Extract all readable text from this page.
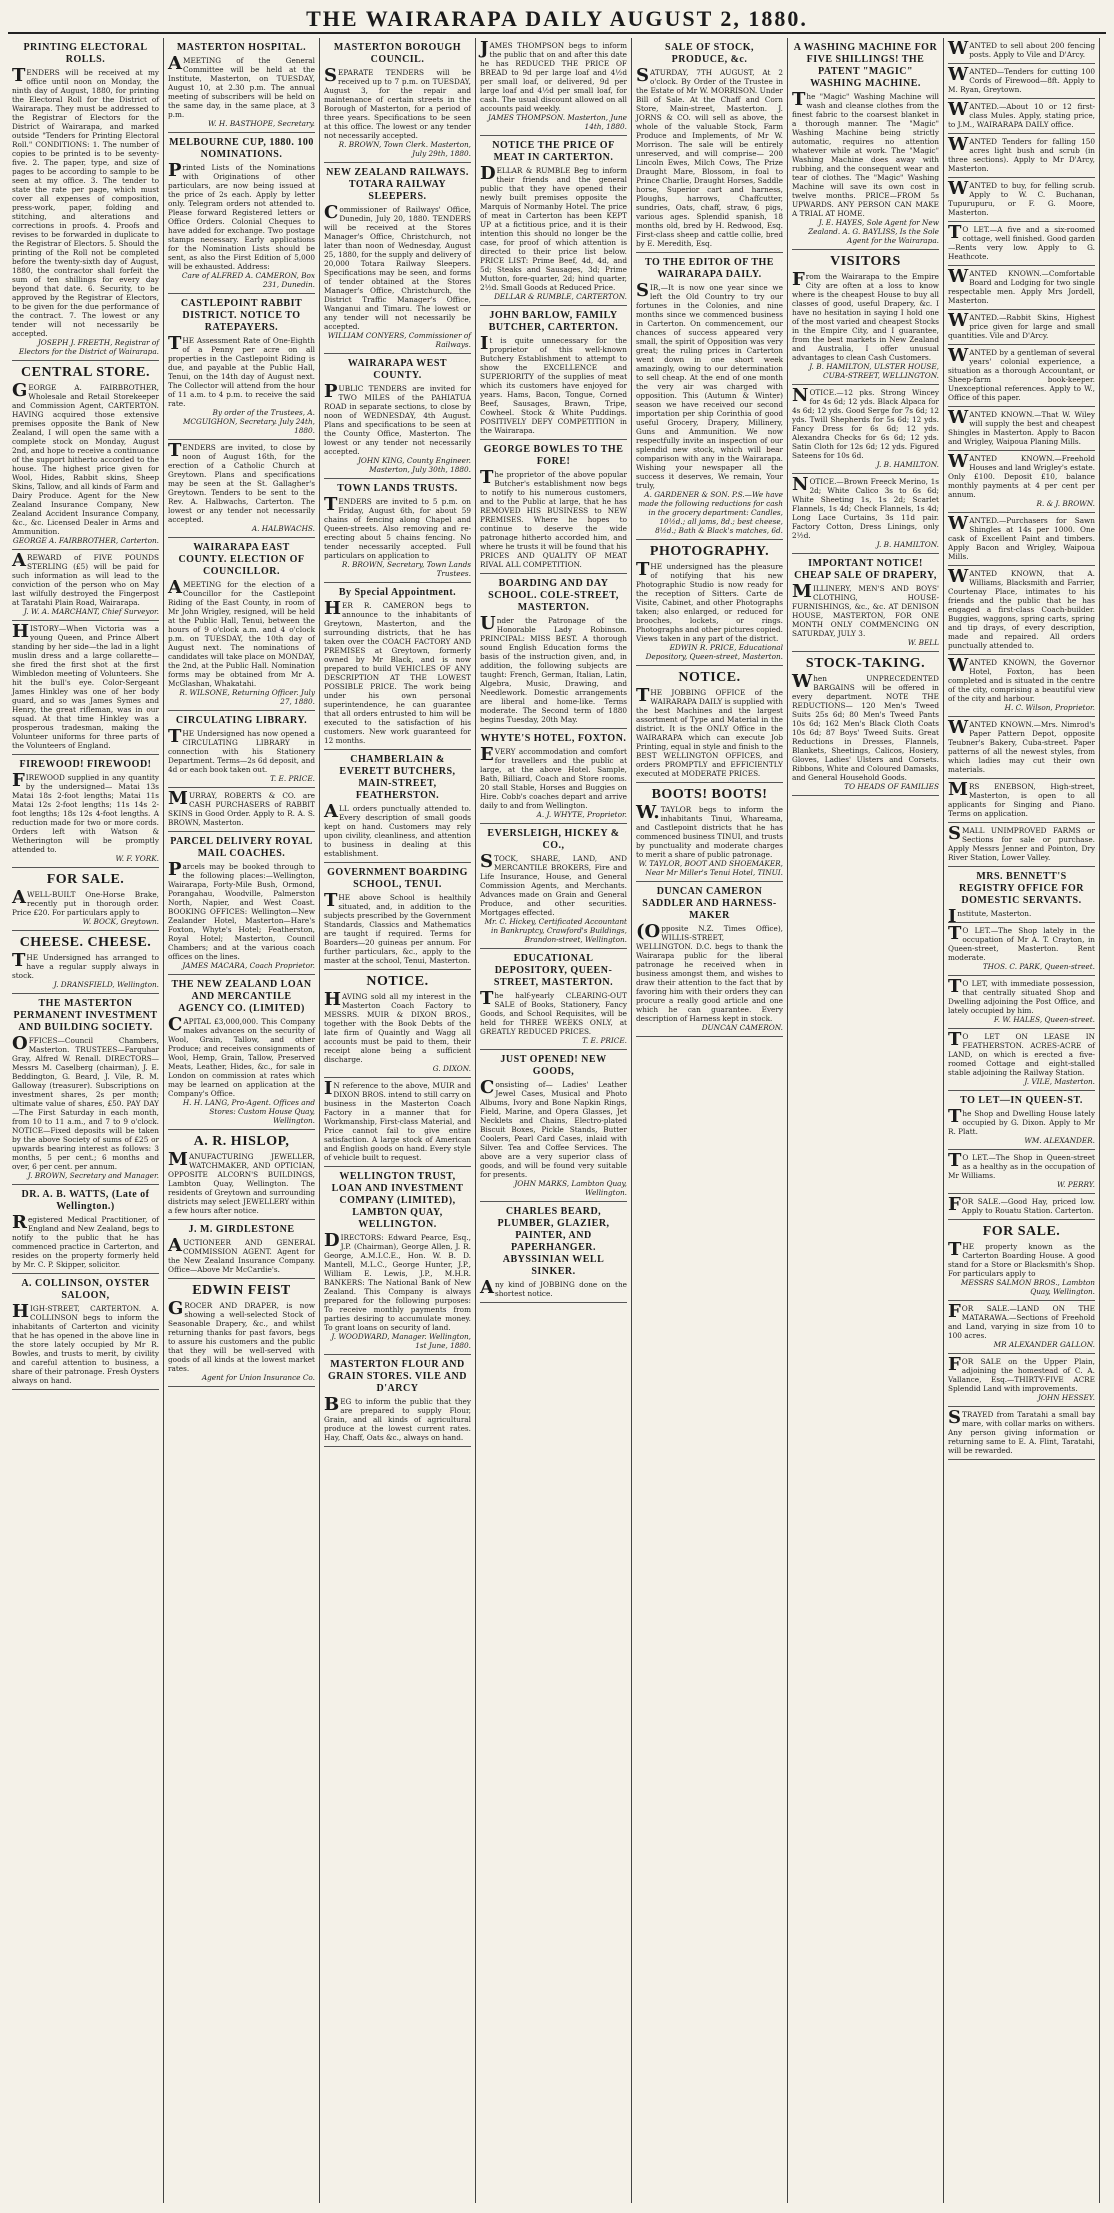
THE WAIRARAPA DAILY AUGUST 2, 1880.
PRINTING ELECTORAL ROLLS.

TENDERS will be received at my office until noon on Monday, the ninth day of August, 1880, for printing the Electoral Roll for the District of Wairarapa. They must be addressed to the Registrar of Electors for the District of Wairarapa, and marked outside "Tenders for Printing Electoral Roll." CONDITIONS: 1. The number of copies to be printed is to be seventy-five. 2. The paper, type, and size of pages to be according to sample to be seen at my office. 3. The tender to state the rate per page, which must cover all expenses of composition, press-work, paper, folding and stitching, and alterations and corrections in proofs. 4. Proofs and revises to be forwarded in duplicate to the Registrar of Electors. 5. Should the printing of the Roll not be completed before the twenty-sixth day of August, 1880, the contractor shall forfeit the sum of ten shillings for every day beyond that date. 6. Security, to be approved by the Registrar of Electors, to be given for the due performance of the contract. 7. The lowest or any tender will not necessarily be accepted.

JOSEPH J. FREETH, Registrar of Electors for the District of Wairarapa.

CENTRAL STORE.

GEORGE A. FAIRBROTHER, Wholesale and Retail Storekeeper and Commission Agent, CARTERTON. HAVING acquired those extensive premises opposite the Bank of New Zealand, I will open the same with a complete stock on Monday, August 2nd, and hope to receive a continuance of the support hitherto accorded to the house. The highest price given for Wool, Hides, Rabbit skins, Sheep Skins, Tallow, and all kinds of Farm and Dairy Produce. Agent for the New Zealand Insurance Company, New Zealand Accident Insurance Company, &c., &c. Licensed Dealer in Arms and Ammunition.

GEORGE A. FAIRBROTHER, Carterton.

AREWARD of FIVE POUNDS STERLING (£5) will be paid for such information as will lead to the conviction of the person who on May last wilfully destroyed the Fingerpost at Taratahi Plain Road, Wairarapa.

J. W. A. MARCHANT, Chief Surveyor.

HISTORY—When Victoria was a young Queen, and Prince Albert standing by her side—the lad in a light muslin dress and a large collarette—she fired the first shot at the first Wimbledon meeting of Volunteers. She hit the bull's eye. Color-Sergeant James Hinkley was one of her body guard, and so was James Symes and Henry, the great rifleman, was in our squad. At that time Hinkley was a prosperous tradesman, making the Volunteer uniforms for three parts of the Volunteers of England.

FIREWOOD! FIREWOOD!

FIREWOOD supplied in any quantity by the undersigned— Matai 13s Matai 18s 2-foot lengths; Matai 11s Matai 12s 2-foot lengths; 11s 14s 2-foot lengths; 18s 12s 4-foot lengths. A reduction made for two or more cords. Orders left with Watson & Wetherington will be promptly attended to.

W. F. YORK.

FOR SALE.

AWELL-BUILT One-Horse Brake, recently put in thorough order. Price £20. For particulars apply to

W. BOCK, Greytown.

CHEESE. CHEESE.

THE Undersigned has arranged to have a regular supply always in stock.

J. DRANSFIELD, Wellington.

THE MASTERTON PERMANENT INVESTMENT AND BUILDING SOCIETY.

OFFICES—Council Chambers, Masterton. TRUSTEES—Farquhar Gray, Alfred W. Renall. DIRECTORS—Messrs M. Caselberg (chairman), J. E. Beddington, G. Beard, J. Vile, R. M. Galloway (treasurer). Subscriptions on investment shares, 2s per month; ultimate value of shares, £50. PAY DAY—The First Saturday in each month, from 10 to 11 a.m., and 7 to 9 o'clock. NOTICE—Fixed deposits will be taken by the above Society of sums of £25 or upwards bearing interest as follows: 3 months, 5 per cent.; 6 months and over, 6 per cent. per annum.

J. BROWN, Secretary and Manager.

DR. A. B. WATTS, (Late of Wellington.)

Registered Medical Practitioner, of England and New Zealand, begs to notify to the public that he has commenced practice in Carterton, and resides on the property formerly held by Mr. C. P. Skipper, solicitor.

A. COLLINSON, OYSTER SALOON,

HIGH-STREET, CARTERTON. A. COLLINSON begs to inform the inhabitants of Carterton and vicinity that he has opened in the above line in the store lately occupied by Mr R. Bowles, and trusts to merit, by civility and careful attention to business, a share of their patronage. Fresh Oysters always on hand.

MASTERTON HOSPITAL.

AMEETING of the General Committee will be held at the Institute, Masterton, on TUESDAY, August 10, at 2.30 p.m. The annual meeting of subscribers will be held on the same day, in the same place, at 3 p.m.

W. H. BASTHOPE, Secretary.

MELBOURNE CUP, 1880. 100 NOMINATIONS.

Printed Lists of the Nominations with Originations of other particulars, are now being issued at the price of 2s each. Apply by letter only. Telegram orders not attended to. Please forward Registered letters or Office Orders. Colonial Cheques to have added for exchange. Two postage stamps necessary. Early applications for the Nomination Lists should be sent, as also the First Edition of 5,000 will be exhausted. Address:

Care of ALFRED A. CAMERON, Box 231, Dunedin.

CASTLEPOINT RABBIT DISTRICT. NOTICE TO RATEPAYERS.

THE Assessment Rate of One-Eighth of a Penny per acre on all properties in the Castlepoint Riding is due, and payable at the Public Hall, Tenui, on the 14th day of August next. The Collector will attend from the hour of 11 a.m. to 4 p.m. to receive the said rate.

By order of the Trustees, A. MCGUIGHON, Secretary. July 24th, 1880.

TENDERS are invited, to close by noon of August 16th, for the erection of a Catholic Church at Greytown. Plans and specifications may be seen at the St. Gallagher's Greytown. Tenders to be sent to the Rev. A. Halbwachs, Carterton. The lowest or any tender not necessarily accepted.

A. HALBWACHS.

WAIRARAPA EAST COUNTY. ELECTION OF COUNCILLOR.

AMEETING for the election of a Councillor for the Castlepoint Riding of the East County, in room of Mr John Wrigley, resigned, will be held at the Public Hall, Tenui, between the hours of 9 o'clock a.m. and 4 o'clock p.m. on TUESDAY, the 10th day of August next. The nominations of candidates will take place on MONDAY, the 2nd, at the Public Hall. Nomination forms may be obtained from Mr A. McGlashan, Whakatahi.

R. WILSONE, Returning Officer. July 27, 1880.

CIRCULATING LIBRARY.

THE Undersigned has now opened a CIRCULATING LIBRARY in connection with his Stationery Department. Terms—2s 6d deposit, and 4d or each book taken out.

T. E. PRICE.

MURRAY, ROBERTS & CO. are CASH PURCHASERS of RABBIT SKINS in Good Order. Apply to R. A. S. BROWN, Masterton.

PARCEL DELIVERY ROYAL MAIL COACHES.

Parcels may be booked through to the following places:—Wellington, Wairarapa, Forty-Mile Bush, Ormond, Porangahau, Woodville, Palmerston North, Napier, and West Coast. BOOKING OFFICES: Wellington—New Zealander Hotel, Masterton—Hare's Foxton, Whyte's Hotel; Featherston, Royal Hotel; Masterton, Council Chambers; and at the various coach offices on the lines.

JAMES MACARA, Coach Proprietor.

THE NEW ZEALAND LOAN AND MERCANTILE AGENCY CO. (LIMITED)

CAPITAL £3,000,000. This Company makes advances on the security of Wool, Grain, Tallow, and other Produce; and receives consignments of Wool, Hemp, Grain, Tallow, Preserved Meats, Leather, Hides, &c., for sale in London on commission at rates which may be learned on application at the Company's Office.

H. H. LANG, Pro-Agent. Offices and Stores: Custom House Quay, Wellington.

A. R. HISLOP,

MANUFACTURING JEWELLER, WATCHMAKER, AND OPTICIAN, OPPOSITE ALCORN'S BUILDINGS, Lambton Quay, Wellington. The residents of Greytown and surrounding districts may select JEWELLERY within a few hours after notice.

J. M. GIRDLESTONE

AUCTIONEER AND GENERAL COMMISSION AGENT. Agent for the New Zealand Insurance Company. Office—Above Mr McCardie's.

EDWIN FEIST

GROCER AND DRAPER, is now showing a well-selected Stock of Seasonable Drapery, &c., and whilst returning thanks for past favors, begs to assure his customers and the public that they will be well-served with goods of all kinds at the lowest market rates.

Agent for Union Insurance Co.

MASTERTON BOROUGH COUNCIL.

SEPARATE TENDERS will be received up to 7 p.m. on TUESDAY, August 3, for the repair and maintenance of certain streets in the Borough of Masterton, for a period of three years. Specifications to be seen at this office. The lowest or any tender not necessarily accepted.

R. BROWN, Town Clerk. Masterton, July 29th, 1880.

NEW ZEALAND RAILWAYS. TOTARA RAILWAY SLEEPERS.

Commissioner of Railways' Office, Dunedin, July 20, 1880. TENDERS will be received at the Stores Manager's Office, Christchurch, not later than noon of Wednesday, August 25, 1880, for the supply and delivery of 20,000 Totara Railway Sleepers. Specifications may be seen, and forms of tender obtained at the Stores Manager's Office, Christchurch, the District Traffic Manager's Office, Wanganui and Timaru. The lowest or any tender will not necessarily be accepted.

WILLIAM CONYERS, Commissioner of Railways.

WAIRARAPA WEST COUNTY.

PUBLIC TENDERS are invited for TWO MILES of the PAHIATUA ROAD in separate sections, to close by noon of WEDNESDAY, 4th August. Plans and specifications to be seen at the County Office, Masterton. The lowest or any tender not necessarily accepted.

JOHN KING, County Engineer. Masterton, July 30th, 1880.

TOWN LANDS TRUSTS.

TENDERS are invited to 5 p.m. on Friday, August 6th, for about 59 chains of fencing along Chapel and Queen-streets. Also removing and re-erecting about 5 chains fencing. No tender necessarily accepted. Full particulars on application to

R. BROWN, Secretary, Town Lands Trustees.

By Special Appointment.

HER R. CAMERON begs to announce to the inhabitants of Greytown, Masterton, and the surrounding districts, that he has taken over the COACH FACTORY AND PREMISES at Greytown, formerly owned by Mr Black, and is now prepared to build VEHICLES OF ANY DESCRIPTION AT THE LOWEST POSSIBLE PRICE. The work being under his own personal superintendence, he can guarantee that all orders entrusted to him will be executed to the satisfaction of his customers. New work guaranteed for 12 months.

CHAMBERLAIN & EVERETT BUTCHERS, MAIN-STREET, FEATHERSTON.

ALL orders punctually attended to. Every description of small goods kept on hand. Customers may rely upon civility, cleanliness, and attention to business in dealing at this establishment.

GOVERNMENT BOARDING SCHOOL, TENUI.

THE above School is healthily situated, and, in addition to the subjects prescribed by the Government Standards, Classics and Mathematics are taught if required. Terms for Boarders—20 guineas per annum. For further particulars, &c., apply to the master at the school, Tenui, Masterton.

NOTICE.

HAVING sold all my interest in the Masterton Coach Factory to MESSRS. MUIR & DIXON BROS., together with the Book Debts of the late firm of Quaintly and Wagg all accounts must be paid to them, their receipt alone being a sufficient discharge.

G. DIXON.

IN reference to the above, MUIR and DIXON BROS. intend to still carry on business in the Masterton Coach Factory in a manner that for Workmanship, First-class Material, and Price cannot fail to give entire satisfaction. A large stock of American and English goods on hand. Every style of vehicle built to request.

WELLINGTON TRUST, LOAN AND INVESTMENT COMPANY (LIMITED), LAMBTON QUAY, WELLINGTON.

DIRECTORS: Edward Pearce, Esq., J.P. (Chairman), George Allen, J. R. George, A.M.I.C.E., Hon. W. B. D. Mantell, M.L.C., George Hunter, J.P., William E. Lewis, J.P., M.H.R. BANKERS: The National Bank of New Zealand. This Company is always prepared for the following purposes: To receive monthly payments from parties desiring to accumulate money. To grant loans on security of land.

J. WOODWARD, Manager. Wellington, 1st June, 1880.

MASTERTON FLOUR AND GRAIN STORES. VILE AND D'ARCY

BEG to inform the public that they are prepared to supply Flour, Grain, and all kinds of agricultural produce at the lowest current rates. Hay, Chaff, Oats &c., always on hand.

JAMES THOMPSON begs to inform the public that on and after this date he has REDUCED THE PRICE OF BREAD to 9d per large loaf and 4½d per small loaf, or delivered, 9d per large loaf and 4½d per small loaf, for cash. The usual discount allowed on all accounts paid weekly.

JAMES THOMPSON. Masterton, June 14th, 1880.

NOTICE THE PRICE OF MEAT IN CARTERTON.

DELLAR & RUMBLE Beg to inform their friends and the general public that they have opened their newly built premises opposite the Marquis of Normanby Hotel. The price of meat in Carterton has been KEPT UP at a fictitious price, and it is their intention this should no longer be the case, for proof of which attention is directed to their price list below. PRICE LIST: Prime Beef, 4d, 4d, and 5d; Steaks and Sausages, 3d; Prime Mutton, fore-quarter, 2d; hind quarter, 2½d. Small Goods at Reduced Price.

DELLAR & RUMBLE, CARTERTON.

JOHN BARLOW, FAMILY BUTCHER, CARTERTON.

It is quite unnecessary for the proprietor of this well-known Butchery Establishment to attempt to show the EXCELLENCE and SUPERIORITY of the supplies of meat which its customers have enjoyed for years. Hams, Bacon, Tongue, Corned Beef, Sausages, Brawn, Tripe, Cowheel. Stock & White Puddings. POSITIVELY DEFY COMPETITION in the Wairarapa.

GEORGE BOWLES TO THE FORE!

The proprietor of the above popular Butcher's establishment now begs to notify to his numerous customers, and to the Public at large, that he has REMOVED HIS BUSINESS to NEW PREMISES. Where he hopes to continue to deserve the wide patronage hitherto accorded him, and where he trusts it will be found that his PRICES AND QUALITY OF MEAT RIVAL ALL COMPETITION.

BOARDING AND DAY SCHOOL. COLE-STREET, MASTERTON.

Under the Patronage of the Honorable Lady Robinson. PRINCIPAL: MISS BEST. A thorough sound English Education forms the basis of the instruction given, and, in addition, the following subjects are taught: French, German, Italian, Latin, Algebra, Music, Drawing, and Needlework. Domestic arrangements are liberal and home-like. Terms moderate. The Second term of 1880 begins Tuesday, 20th May.

WHYTE'S HOTEL, FOXTON.

EVERY accommodation and comfort for travellers and the public at large, at the above Hotel. Sample, Bath, Billiard, Coach and Store rooms. 20 stall Stable, Horses and Buggies on Hire. Cobb's coaches depart and arrive daily to and from Wellington.

A. J. WHYTE, Proprietor.

EVERSLEIGH, HICKEY & CO.,

STOCK, SHARE, LAND, AND MERCANTILE BROKERS, Fire and Life Insurance, House, and General Commission Agents, and Merchants. Advances made on Grain and General Produce, and other securities. Mortgages effected.

Mr. C. Hickey, Certificated Accountant in Bankruptcy, Crawford's Buildings, Brandon-street, Wellington.

EDUCATIONAL DEPOSITORY, QUEEN-STREET, MASTERTON.

The half-yearly CLEARING-OUT SALE of Books, Stationery, Fancy Goods, and School Requisites, will be held for THREE WEEKS ONLY, at GREATLY REDUCED PRICES.

T. E. PRICE.

JUST OPENED! NEW GOODS,

Consisting of— Ladies' Leather Jewel Cases, Musical and Photo Albums, Ivory and Bone Napkin Rings, Field, Marine, and Opera Glasses, Jet Necklets and Chains, Electro-plated Biscuit Boxes, Pickle Stands, Butter Coolers, Pearl Card Cases, inlaid with Silver. Tea and Coffee Services. The above are a very superior class of goods, and will be found very suitable for presents.

JOHN MARKS, Lambton Quay, Wellington.

CHARLES BEARD, PLUMBER, GLAZIER, PAINTER, AND PAPERHANGER. ABYSSINIAN WELL SINKER.

Any kind of JOBBING done on the shortest notice.

SALE OF STOCK, PRODUCE, &c.

SATURDAY, 7TH AUGUST, At 2 o'clock. By Order of the Trustee in the Estate of Mr W. MORRISON. Under Bill of Sale. At the Chaff and Corn Store, Main-street, Masterton. J. JORNS & CO. will sell as above, the whole of the valuable Stock, Farm Produce and Implements, of Mr W. Morrison. The sale will be entirely unreserved, and will comprise— 200 Lincoln Ewes, Milch Cows, The Prize Draught Mare, Blossom, in foal to Prince Charlie, Draught Horses, Saddle horse, Superior cart and harness, Ploughs, harrows, Chaffcutter, sundries, Oats, chaff, straw, 6 pigs, various ages. Splendid spanish, 18 months old, bred by H. Redwood, Esq. First-class sheep and cattle collie, bred by E. Meredith, Esq.

TO THE EDITOR OF THE WAIRARAPA DAILY.

SIR,—It is now one year since we left the Old Country to try our fortunes in the Colonies, and nine months since we commenced business in Carterton. On commencement, our chances of success appeared very small, the spirit of Opposition was very great; the ruling prices in Carterton went down in one short week amazingly, owing to our determination to sell cheap. At the end of one month the very air was charged with opposition. This (Autumn & Winter) season we have received our second importation per ship Corinthia of good useful Grocery, Drapery, Millinery, Guns and Ammunition. We now respectfully invite an inspection of our splendid new stock, which will bear comparison with any in the Wairarapa. Wishing your newspaper all the success it deserves, We remain, Your truly,

A. GARDENER & SON. P.S.—We have made the following reductions for cash in the grocery department: Candles, 10½d.; all jams, 8d.; best cheese, 8½d.; Bath & Black's matches, 6d.

PHOTOGRAPHY.

THE undersigned has the pleasure of notifying that his new Photographic Studio is now ready for the reception of Sitters. Carte de Visite, Cabinet, and other Photographs taken; also enlarged, or reduced for brooches, lockets, or rings. Photographs and other pictures copied. Views taken in any part of the district.

EDWIN R. PRICE, Educational Depository, Queen-street, Masterton.

NOTICE.

THE JOBBING OFFICE of the WAIRARAPA DAILY is supplied with the best Machines and the largest assortment of Type and Material in the district. It is the ONLY Office in the WAIRARAPA which can execute Job Printing, equal in style and finish to the BEST WELLINGTON OFFICES, and orders PROMPTLY and EFFICIENTLY executed at MODERATE PRICES.

BOOTS! BOOTS!

W.TAYLOR begs to inform the inhabitants Tinui, Whareama, and Castlepoint districts that he has commenced business TINUI, and trusts by punctuality and moderate charges to merit a share of public patronage.

W. TAYLOR, BOOT AND SHOEMAKER, Near Mr Miller's Tenui Hotel, TINUI.

DUNCAN CAMERON SADDLER AND HARNESS-MAKER

(Opposite N.Z. Times Office), WILLIS-STREET, WELLINGTON. D.C. begs to thank the Wairarapa public for the liberal patronage he received when in business amongst them, and wishes to draw their attention to the fact that by favoring him with their orders they can procure a really good article and one which he can guarantee. Every description of Harness kept in stock.

DUNCAN CAMERON.

A WASHING MACHINE FOR FIVE SHILLINGS! THE PATENT "MAGIC" WASHING MACHINE.

The "Magic" Washing Machine will wash and cleanse clothes from the finest fabric to the coarsest blanket in a thorough manner. The "Magic" Washing Machine being strictly automatic, requires no attention whatever while at work. The "Magic" Washing Machine does away with rubbing, and the consequent wear and tear of clothes. The "Magic" Washing Machine will save its own cost in twelve months. PRICE—FROM 5s UPWARDS. ANY PERSON CAN MAKE A TRIAL AT HOME.

J. E. HAYES, Sole Agent for New Zealand. A. G. BAYLISS, Is the Sole Agent for the Wairarapa.

VISITORS

From the Wairarapa to the Empire City are often at a loss to know where is the cheapest House to buy all classes of good, useful Drapery, &c. I have no hesitation in saying I hold one of the most varied and cheapest Stocks in the Empire City, and I guarantee, from the best markets in New Zealand and Australia, I offer unusual advantages to clean Cash Customers.

J. B. HAMILTON, ULSTER HOUSE, CUBA-STREET, WELLINGTON.

NOTICE.—12 pks. Strong Wincey for 4s 6d; 12 yds. Black Alpaca for 4s 6d; 12 yds. Good Serge for 7s 6d; 12 yds. Twill Shepherds for 5s 6d; 12 yds. Fancy Dress for 6s 6d; 12 yds. Alexandra Checks for 6s 6d; 12 yds. Satin Cloth for 12s 6d; 12 yds. Figured Sateens for 10s 6d.

J. B. HAMILTON.

NOTICE.—Brown Freeck Merino, 1s 2d; White Calico 3s to 6s 6d; White Sheeting 1s, 1s 2d; Scarlet Flannels, 1s 4d; Check Flannels, 1s 4d; Long Lace Curtains, 3s 11d pair. Factory Cotton, Dress Linings, only 2½d.

J. B. HAMILTON.

IMPORTANT NOTICE! CHEAP SALE OF DRAPERY,

MILLINERY, MEN'S AND BOYS' CLOTHING, HOUSE-FURNISHINGS, &c., &c. AT DENISON HOUSE, MASTERTON, FOR ONE MONTH ONLY COMMENCING ON SATURDAY, JULY 3.

W. BELL

STOCK-TAKING.

When UNPRECEDENTED BARGAINS will be offered in every department. NOTE THE REDUCTIONS— 120 Men's Tweed Suits 25s 6d; 80 Men's Tweed Pants 10s 6d; 162 Men's Black Cloth Coats 10s 6d; 87 Boys' Tweed Suits. Great Reductions in Dresses, Flannels, Blankets, Sheetings, Calicos, Hosiery, Gloves, Ladies' Ulsters and Corsets. Ribbons, White and Coloured Damasks, and General Household Goods.

TO HEADS OF FAMILIES

WANTED to sell about 200 fencing posts. Apply to Vile and D'Arcy.

WANTED—Tenders for cutting 100 Cords of Firewood—8ft. Apply to M. Ryan, Greytown.

WANTED.—About 10 or 12 first-class Mules. Apply, stating price, to J.M., WAIRARAPA DAILY office.

WANTED Tenders for falling 150 acres light bush and scrub (in three sections). Apply to Mr D'Arcy, Masterton.

WANTED to buy, for felling scrub. Apply to W. C. Buchanan, Tupurupuru, or F. G. Moore, Masterton.

TO LET.—A five and a six-roomed cottage, well finished. Good garden—Rents very low. Apply to G. Heathcote.

WANTED KNOWN.—Comfortable Board and Lodging for two single respectable men. Apply Mrs Jordell, Masterton.

WANTED.—Rabbit Skins, Highest price given for large and small quantities. Vile and D'Arcy.

WANTED by a gentleman of several years' colonial experience, a situation as a thorough Accountant, or Sheep-farm book-keeper. Unexceptional references. Apply to W., Office of this paper.

WANTED KNOWN.—That W. Wiley will supply the best and cheapest Shingles in Masterton. Apply to Bacon and Wrigley, Waipoua Planing Mills.

WANTED KNOWN.—Freehold Houses and land Wrigley's estate. Only £100. Deposit £10, balance monthly payments at 4 per cent per annum.

R. & J. BROWN.

WANTED.—Purchasers for Sawn Shingles at 14s per 1000. One cask of Excellent Paint and timbers. Apply Bacon and Wrigley, Waipoua Mills.

WANTED KNOWN, that A. Williams, Blacksmith and Farrier, Courtenay Place, intimates to his friends and the public that he has engaged a first-class Coach-builder. Buggies, waggons, spring carts, spring and tip drays, of every description, made and repaired. All orders punctually attended to.

WANTED KNOWN, the Governor Hotel, Foxton, has been completed and is situated in the centre of the city, comprising a beautiful view of the city and harbour.

H. C. Wilson, Proprietor.

WANTED KNOWN.—Mrs. Nimrod's Paper Pattern Depot, opposite Teubner's Bakery, Cuba-street. Paper patterns of all the newest styles, from which ladies may cut their own materials.

MRS ENEBSON, High-street, Masterton, is open to all applicants for Singing and Piano. Terms on application.

SMALL UNIMPROVED FARMS or Sections for sale or purchase. Apply Messrs Jenner and Pointon, Dry River Station, Lower Valley.

MRS. BENNETT'S REGISTRY OFFICE FOR DOMESTIC SERVANTS.

Institute, Masterton.

TO LET.—The Shop lately in the occupation of Mr A. T. Crayton, in Queen-street, Masterton. Rent moderate.

THOS. C. PARK, Queen-street.

TO LET, with immediate possession, that centrally situated Shop and Dwelling adjoining the Post Office, and lately occupied by him.

F. W. HALES, Queen-street.

TO LET ON LEASE IN FEATHERSTON. ACRES-ACRE of LAND, on which is erected a five-roomed Cottage and eight-stalled stable adjoining the Railway Station.

J. VILE, Masterton.

TO LET—IN QUEEN-ST.

The Shop and Dwelling House lately occupied by G. Dixon. Apply to Mr R. Platt.

WM. ALEXANDER.

TO LET.—The Shop in Queen-street as a healthy as in the occupation of Mr Williams.

W. PERRY.

FOR SALE.—Good Hay, priced low. Apply to Rouatu Station. Carterton.

FOR SALE.

THE property known as the Carterton Boarding House. A good stand for a Store or Blacksmith's Shop. For particulars apply to

MESSRS SALMON BROS., Lambton Quay, Wellington.

FOR SALE.—LAND ON THE MATARAWA.—Sections of Freehold and Land, varying in size from 10 to 100 acres.

MR ALEXANDER GALLON.

FOR SALE on the Upper Plain, adjoining the homestead of C. A. Vallance, Esq.—THIRTY-FIVE ACRE Splendid Land with improvements.

JOHN HESSEY.

STRAYED from Taratahi a small bay mare, with collar marks on withers. Any person giving information or returning same to E. A. Flint, Taratahi, will be rewarded.
